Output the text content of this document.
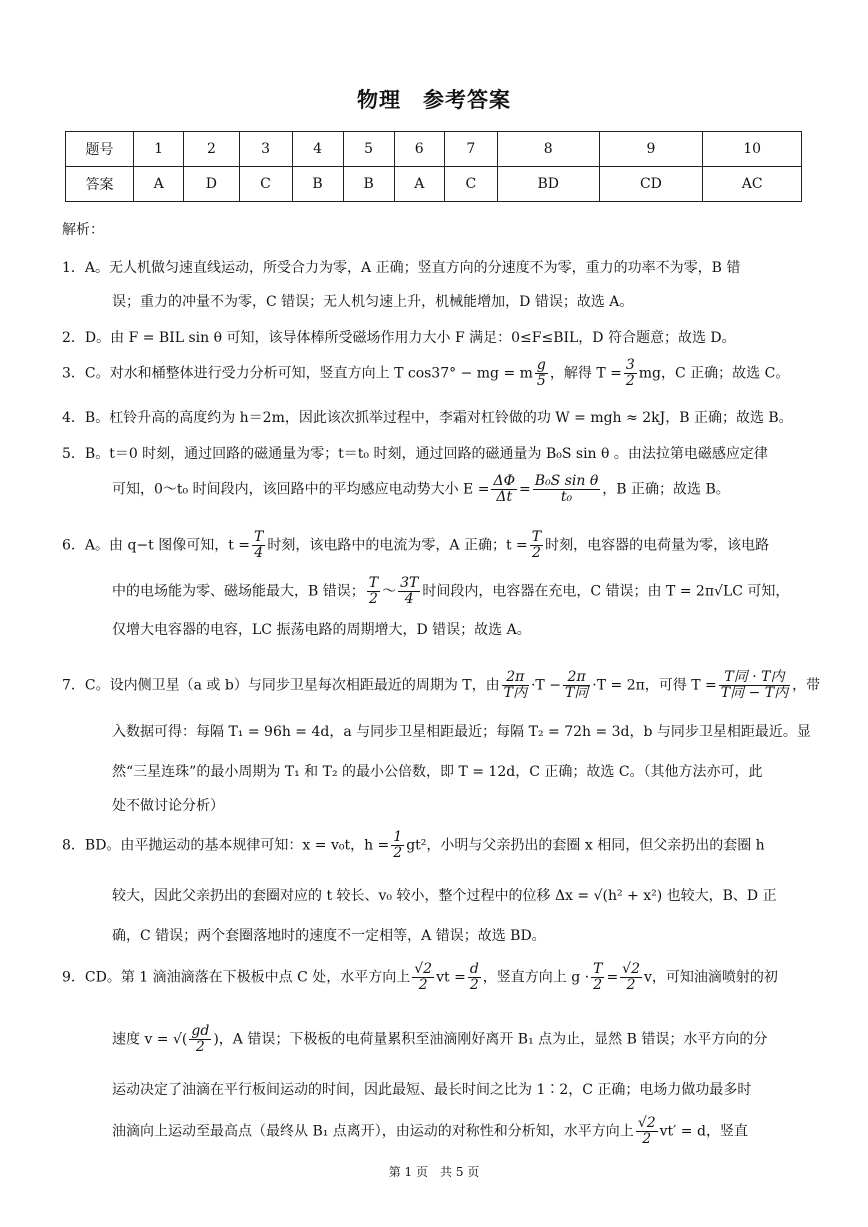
物理　参考答案
题号	1	2	3	4	5	6	7	8	9	10
答案	A	D	C	B	B	A	C	BD	CD	AC
解析：
1．A。无人机做匀速直线运动，所受合力为零，A 正确；竖直方向的分速度不为零，重力的功率不为零，B 错
误；重力的冲量不为零，C 错误；无人机匀速上升，机械能增加，D 错误；故选 A。
2．D。由 F = BIL sin θ 可知，该导体棒所受磁场作用力大小 F 满足：0≤F≤BIL，D 符合题意；故选 D。
3．C。对水和桶整体进行受力分析可知，竖直方向上 T cos37° − mg = m $\frac{g}{5}$ ，解得 $T = \frac{3}{2}$ mg，C 正确；故选 C。
4．B。杠铃升高的高度约为 h＝2m，因此该次抓举过程中，李霜对杠铃做的功 W = mgh ≈ 2kJ，B 正确；故选 B。
5．B。t＝0 时刻，通过回路的磁通量为零；t＝t₀ 时刻，通过回路的磁通量为 B₀S sin θ 。由法拉第电磁感应定律
可知，0～t₀ 时间段内，该回路中的平均感应电动势大小 $E = \frac{\Delta\Phi}{\Delta t} = \frac{\text{B₀S sin θ}}{\text{t₀}}$ ，B 正确；故选 B。
6．A。由 q−t 图像可知，$t = \frac{T}{4}$ 时刻，该电路中的电流为零，A 正确；$t = \frac{T}{2}$ 时刻，电容器的电荷量为零，该电路
中的电场能为零、磁场能最大，B 错误； $\frac{T}{2}$ ～ $\frac{3T}{4}$ 时间段内，电容器在充电，C 错误；由 T = 2π√LC 可知，
仅增大电容器的电容，LC 振荡电路的周期增大，D 错误；故选 A。
7．C。设内侧卫星（a 或 b）与同步卫星每次相距最近的周期为 T，由 $\frac{2\pi}{\text{T内}} \cdot T - \frac{2\pi}{\text{T同}} \cdot T = 2\pi$，可得 $T = \frac{\text{T同 · T内}}{\text{T同 − T内}}$ ，带
入数据可得：每隔 T₁ = 96h = 4d，a 与同步卫星相距最近；每隔 T₂ = 72h = 3d，b 与同步卫星相距最近。显
然“三星连珠”的最小周期为 T₁ 和 T₂ 的最小公倍数，即 T = 12d，C 正确；故选 C。（其他方法亦可，此
处不做讨论分析）
8．BD。由平抛运动的基本规律可知：x = v₀t，$h = \frac{1}{2} gt^2$，小明与父亲扔出的套圈 x 相同，但父亲扔出的套圈 h
较大，因此父亲扔出的套圈对应的 t 较长、v₀ 较小，整个过程中的位移 Δx = √(h² + x²) 也较大，B、D 正
确，C 错误；两个套圈落地时的速度不一定相等，A 错误；故选 BD。
9．CD。第 1 滴油滴落在下极板中点 C 处，水平方向上 $\frac{√2}{2}$ vt = $\frac{d}{2}$ ，竖直方向上 $g \cdot \frac{T}{2} = \frac{√2}{2}$ v，可知油滴喷射的初
速度 v = √( $\frac{gd}{2}$ )，A 错误；下极板的电荷量累积至油滴刚好离开 B₁ 点为止，显然 B 错误；水平方向的分
运动决定了油滴在平行板间运动的时间，因此最短、最长时间之比为 1∶2，C 正确；电场力做功最多时
油滴向上运动至最高点（最终从 B₁ 点离开），由运动的对称性和分析知，水平方向上 $\frac{√2}{2} vt' = d$，竖直
第 1 页　共 5 页
